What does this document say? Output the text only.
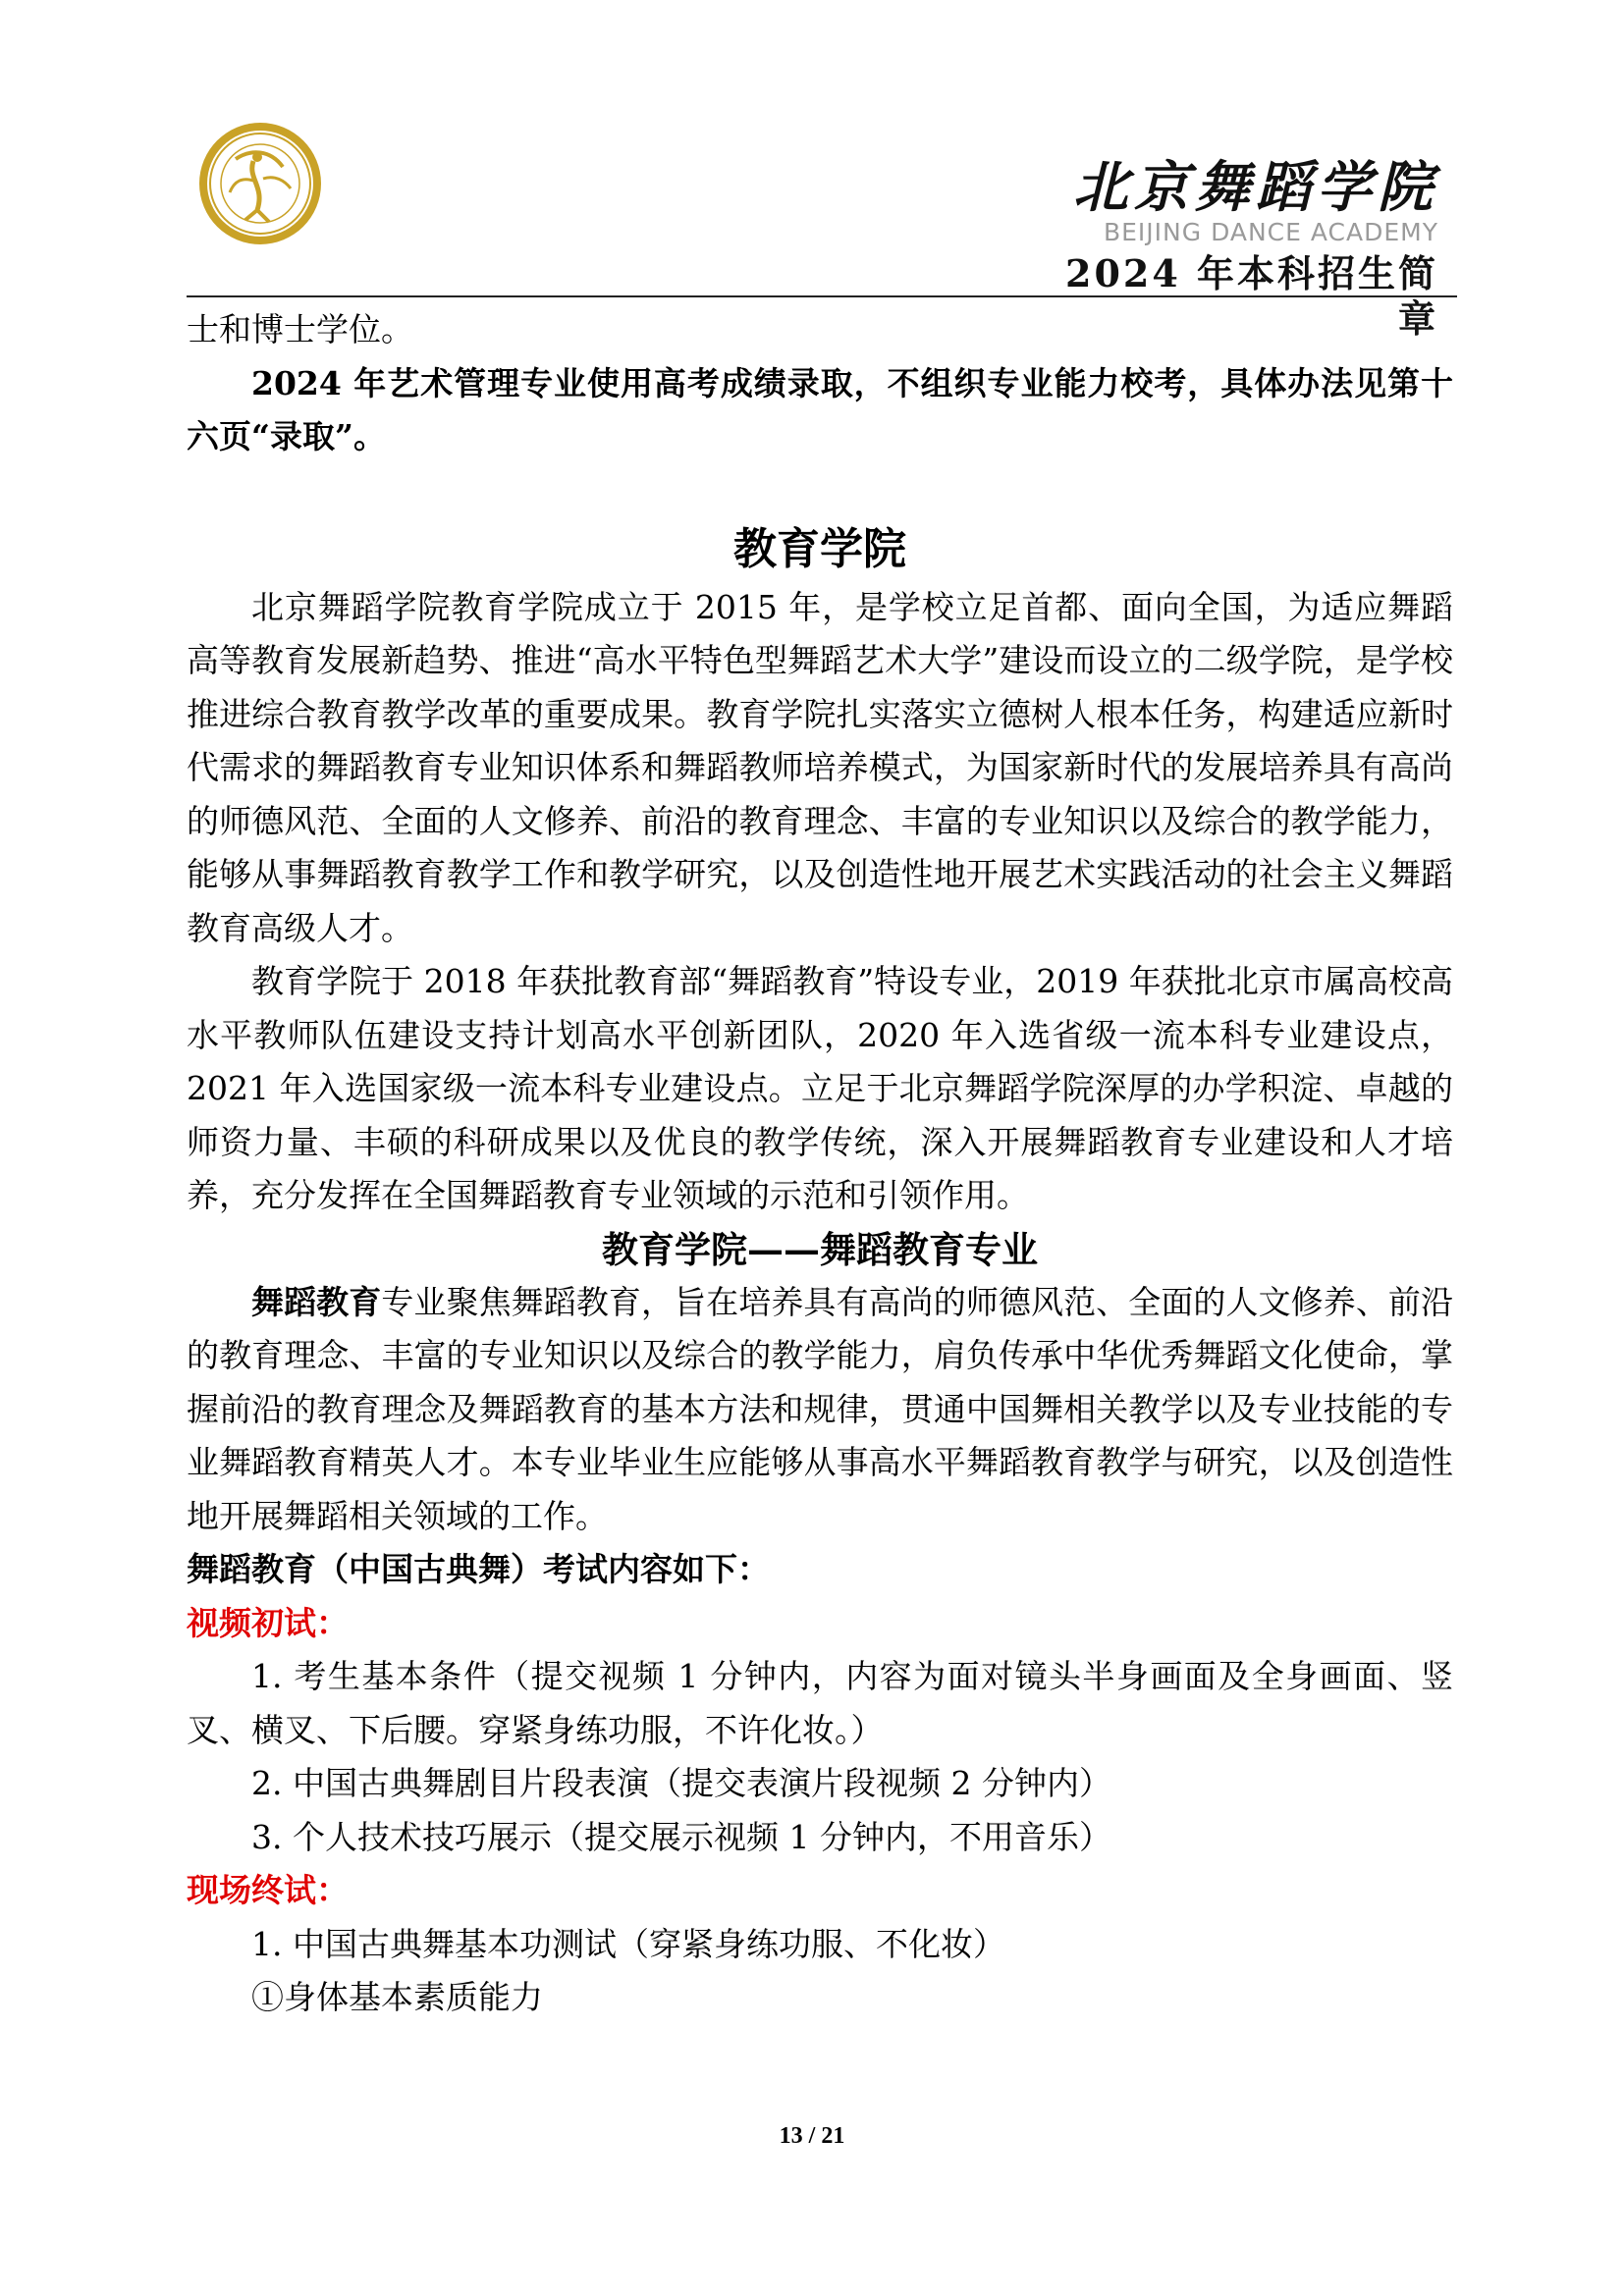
北京舞蹈学院
BEIJING DANCE ACADEMY
2024 年本科招生简章

士和博士学位。

2024 年艺术管理专业使用高考成绩录取，不组织专业能力校考，具体办法见第十六页“录取”。

教育学院

北京舞蹈学院教育学院成立于 2015 年，是学校立足首都、面向全国，为适应舞蹈高等教育发展新趋势、推进“高水平特色型舞蹈艺术大学”建设而设立的二级学院，是学校推进综合教育教学改革的重要成果。教育学院扎实落实立德树人根本任务，构建适应新时代需求的舞蹈教育专业知识体系和舞蹈教师培养模式，为国家新时代的发展培养具有高尚的师德风范、全面的人文修养、前沿的教育理念、丰富的专业知识以及综合的教学能力，能够从事舞蹈教育教学工作和教学研究，以及创造性地开展艺术实践活动的社会主义舞蹈教育高级人才。

教育学院于 2018 年获批教育部“舞蹈教育”特设专业，2019 年获批北京市属高校高水平教师队伍建设支持计划高水平创新团队，2020 年入选省级一流本科专业建设点，2021 年入选国家级一流本科专业建设点。立足于北京舞蹈学院深厚的办学积淀、卓越的师资力量、丰硕的科研成果以及优良的教学传统，深入开展舞蹈教育专业建设和人才培养，充分发挥在全国舞蹈教育专业领域的示范和引领作用。

教育学院——舞蹈教育专业

舞蹈教育专业聚焦舞蹈教育，旨在培养具有高尚的师德风范、全面的人文修养、前沿的教育理念、丰富的专业知识以及综合的教学能力，肩负传承中华优秀舞蹈文化使命，掌握前沿的教育理念及舞蹈教育的基本方法和规律，贯通中国舞相关教学以及专业技能的专业舞蹈教育精英人才。本专业毕业生应能够从事高水平舞蹈教育教学与研究，以及创造性地开展舞蹈相关领域的工作。

舞蹈教育（中国古典舞）考试内容如下：

视频初试：

1. 考生基本条件（提交视频 1 分钟内，内容为面对镜头半身画面及全身画面、竖叉、横叉、下后腰。穿紧身练功服，不许化妆。）

2. 中国古典舞剧目片段表演（提交表演片段视频 2 分钟内）

3. 个人技术技巧展示（提交展示视频 1 分钟内，不用音乐）

现场终试：

1. 中国古典舞基本功测试（穿紧身练功服、不化妆）

①身体基本素质能力

13 / 21
